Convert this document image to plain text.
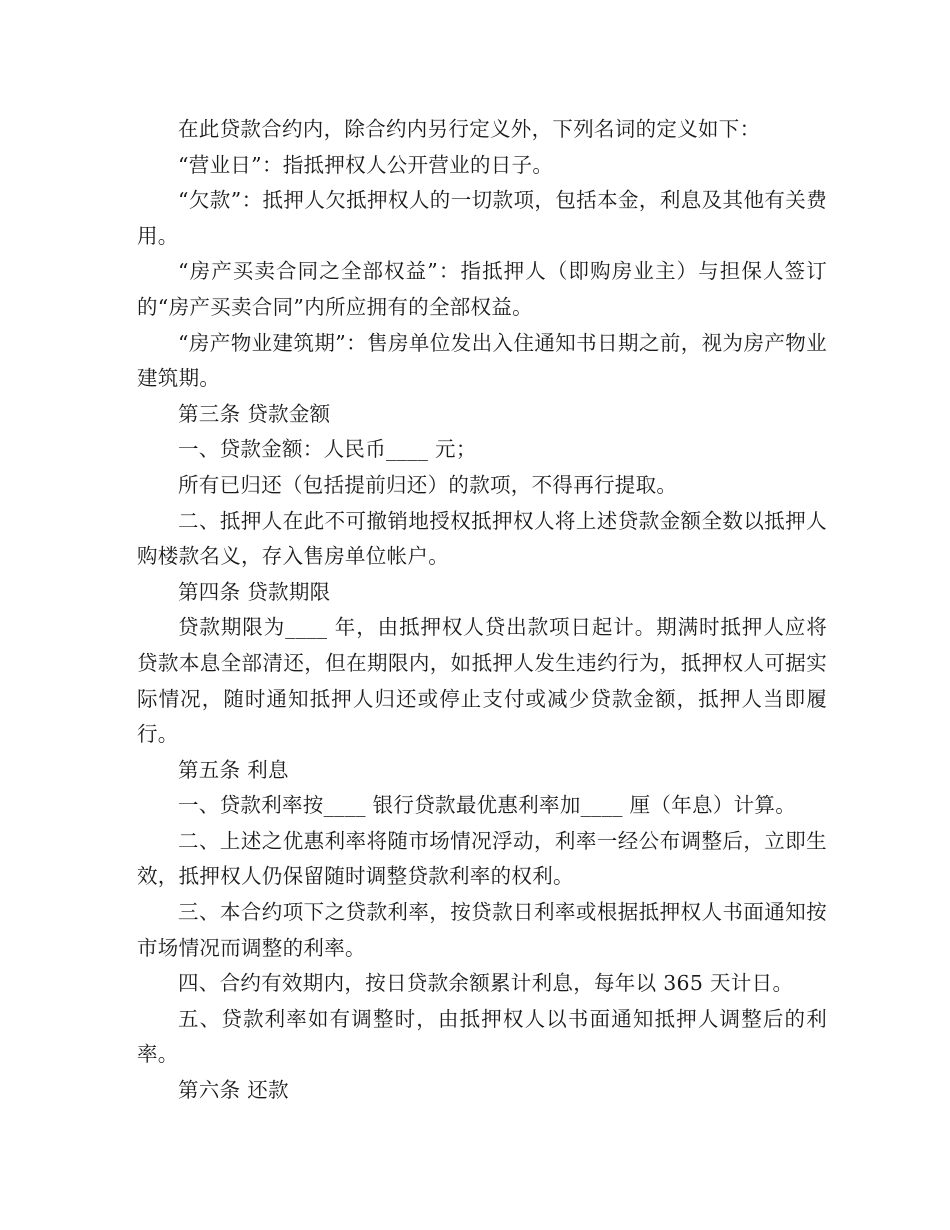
在此贷款合约内，除合约内另行定义外，下列名词的定义如下：

“营业日”：指抵押权人公开营业的日子。

“欠款”：抵押人欠抵押权人的一切款项，包括本金，利息及其他有关费用。

“房产买卖合同之全部权益”：指抵押人（即购房业主）与担保人签订的“房产买卖合同”内所应拥有的全部权益。

“房产物业建筑期”：售房单位发出入住通知书日期之前，视为房产物业建筑期。

第三条 贷款金额

一、贷款金额：人民币____ 元；

所有已归还（包括提前归还）的款项，不得再行提取。

二、抵押人在此不可撤销地授权抵押权人将上述贷款金额全数以抵押人购楼款名义，存入售房单位帐户。

第四条 贷款期限

贷款期限为____ 年，由抵押权人贷出款项日起计。期满时抵押人应将贷款本息全部清还，但在期限内，如抵押人发生违约行为，抵押权人可据实际情况，随时通知抵押人归还或停止支付或减少贷款金额，抵押人当即履行。

第五条 利息

一、贷款利率按____ 银行贷款最优惠利率加____ 厘（年息）计算。

二、上述之优惠利率将随市场情况浮动，利率一经公布调整后，立即生效，抵押权人仍保留随时调整贷款利率的权利。

三、本合约项下之贷款利率，按贷款日利率或根据抵押权人书面通知按市场情况而调整的利率。

四、合约有效期内，按日贷款余额累计利息，每年以 365 天计日。

五、贷款利率如有调整时，由抵押权人以书面通知抵押人调整后的利率。

第六条 还款
